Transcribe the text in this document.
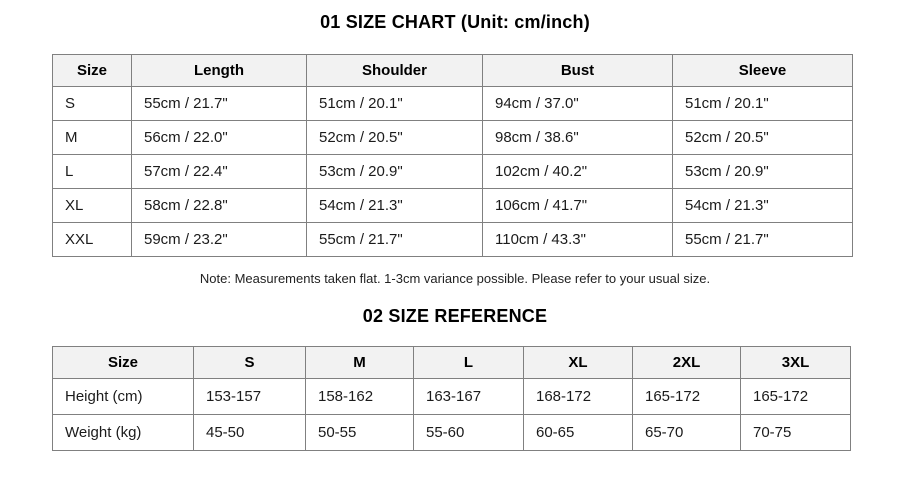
01 SIZE CHART (Unit: cm/inch)
Size	Length	Shoulder	Bust	Sleeve
S	55cm / 21.7"	51cm / 20.1"	94cm / 37.0"	51cm / 20.1"
M	56cm / 22.0"	52cm / 20.5"	98cm / 38.6"	52cm / 20.5"
L	57cm / 22.4"	53cm / 20.9"	102cm / 40.2"	53cm / 20.9"
XL	58cm / 22.8"	54cm / 21.3"	106cm / 41.7"	54cm / 21.3"
XXL	59cm / 23.2"	55cm / 21.7"	110cm / 43.3"	55cm / 21.7"

Note: Measurements taken flat. 1-3cm variance possible. Please refer to your usual size.

02 SIZE REFERENCE
Size	S	M	L	XL	2XL	3XL
Height (cm)	153-157	158-162	163-167	168-172	165-172	165-172
Weight (kg)	45-50	50-55	55-60	60-65	65-70	70-75
